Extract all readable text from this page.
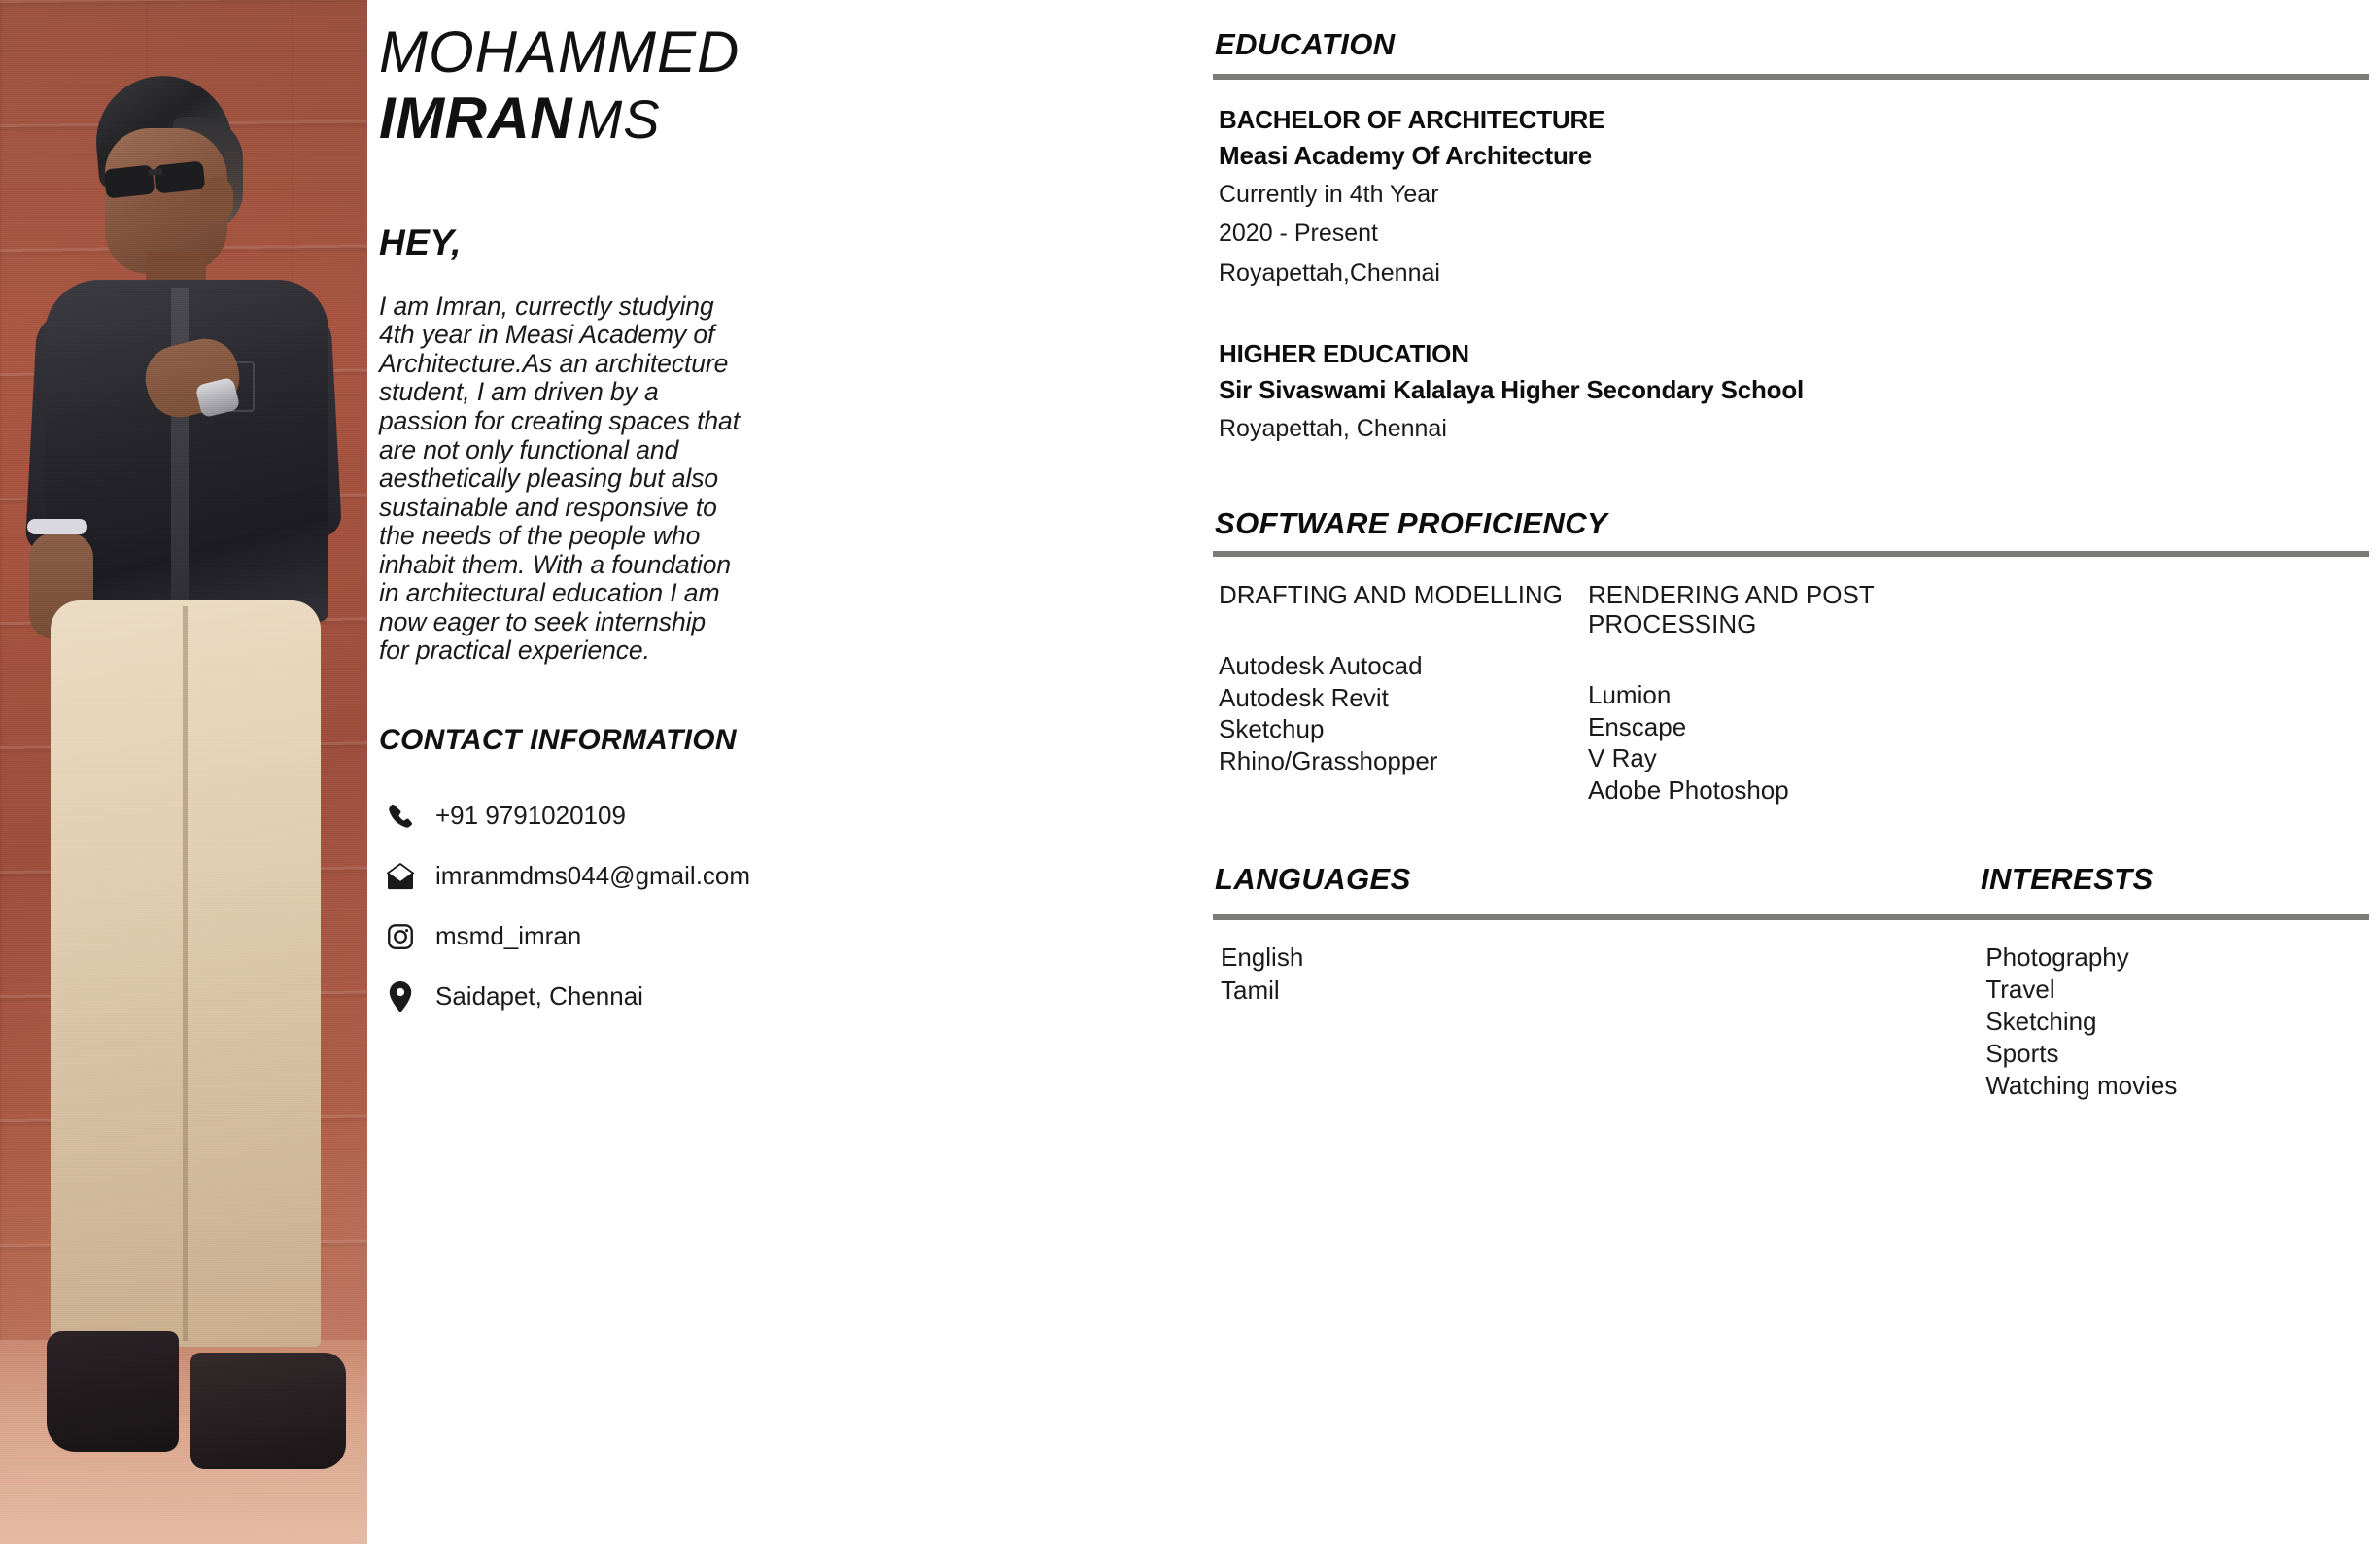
MOHAMMED
IMRAN MS
HEY,
I am Imran, currectly studying 4th year in Measi Academy of Architecture.As an architecture student, I am driven by a passion for creating spaces that are not only functional and aesthetically pleasing but also sustainable and responsive to the needs of the people who inhabit them. With a foundation in architectural education I am now eager to seek internship for practical experience.
CONTACT INFORMATION
+91 9791020109
imranmdms044@gmail.com
msmd_imran
Saidapet, Chennai
EDUCATION
BACHELOR OF ARCHITECTURE
Measi Academy Of Architecture
Currently in 4th Year
2020 - Present
Royapettah,Chennai
HIGHER EDUCATION
Sir Sivaswami Kalalaya Higher Secondary School
Royapettah, Chennai
SOFTWARE PROFICIENCY
DRAFTING AND MODELLING
Autodesk Autocad
Autodesk Revit
Sketchup
Rhino/Grasshopper
RENDERING AND POST PROCESSING
Lumion
Enscape
V Ray
Adobe Photoshop
LANGUAGES	INTERESTS
English
Tamil
Photography
Travel
Sketching
Sports
Watching movies
